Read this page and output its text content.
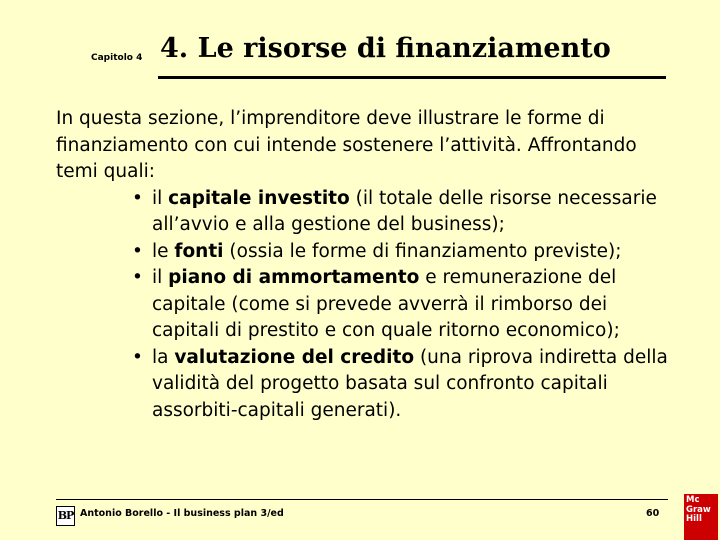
Capitolo 4 4. Le risorse di finanziamento

In questa sezione, l’imprenditore deve illustrare le forme di finanziamento con cui intende sostenere l’attività. Affrontando temi quali:

• il capitale investito (il totale delle risorse necessarie all’avvio e alla gestione del business);
• le fonti (ossia le forme di finanziamento previste);
• il piano di ammortamento e remunerazione del capitale (come si prevede avverrà il rimborso dei capitali di prestito e con quale ritorno economico);
• la valutazione del credito (una riprova indiretta della validità del progetto basata sul confronto capitali assorbiti-capitali generati).
BP Antonio Borello - Il business plan 3/ed	60
Mc
Graw
Hill
